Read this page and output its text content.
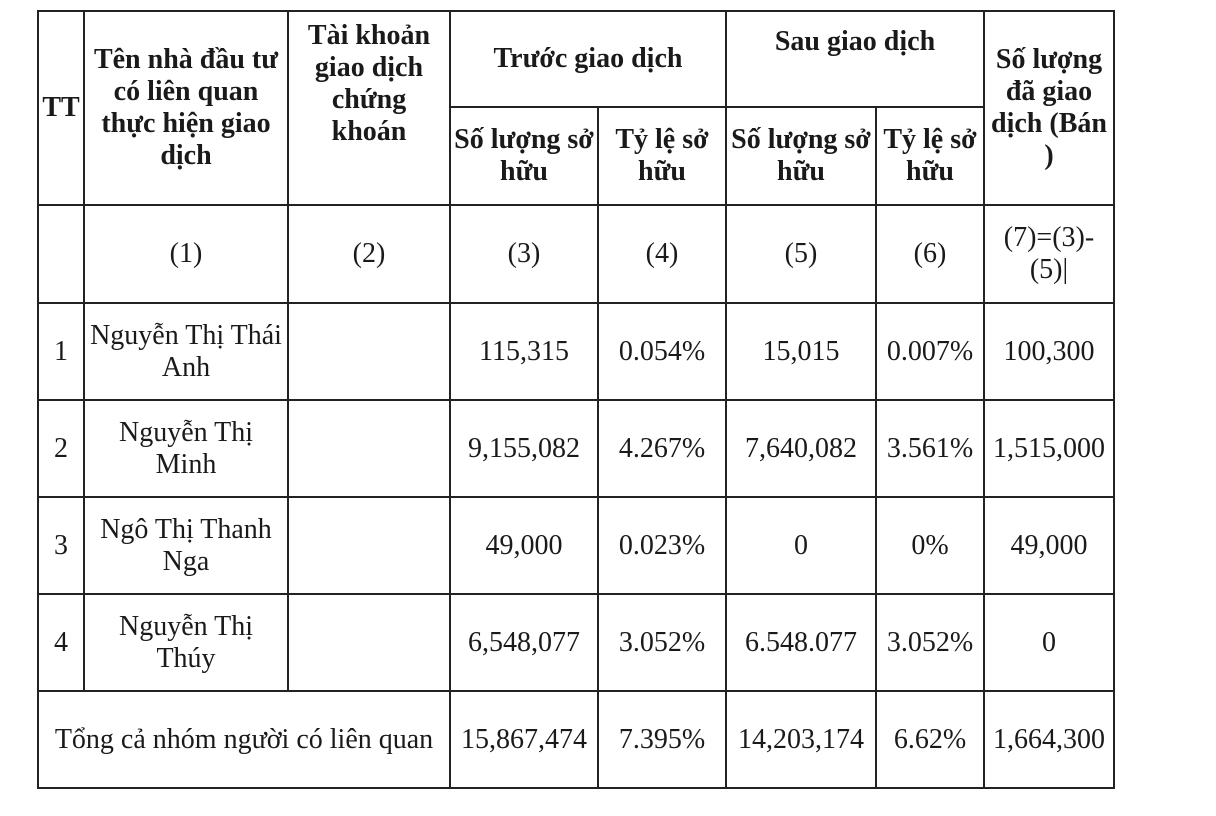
TT	Tên nhà đầu tư có liên quan thực hiện giao dịch	Tài khoản giao dịch chứng khoán	Trước giao dịch		Sau giao dịch		Số lượng đã giao dịch (Bán )
			Số lượng sở hữu	Tỷ lệ sở hữu	Số lượng sở hữu	Tỷ lệ sở hữu	
	(1)	(2)	(3)	(4)	(5)	(6)	(7)=(3)-(5)|
1	Nguyễn Thị Thái Anh		115,315	0.054%	15,015	0.007%	100,300
2	Nguyễn Thị Minh		9,155,082	4.267%	7,640,082	3.561%	1,515,000
3	Ngô Thị Thanh Nga		49,000	0.023%	0	0%	49,000
4	Nguyễn Thị Thúy		6,548,077	3.052%	6.548.077	3.052%	0
Tổng cả nhóm người có liên quan			15,867,474	7.395%	14,203,174	6.62%	1,664,300
